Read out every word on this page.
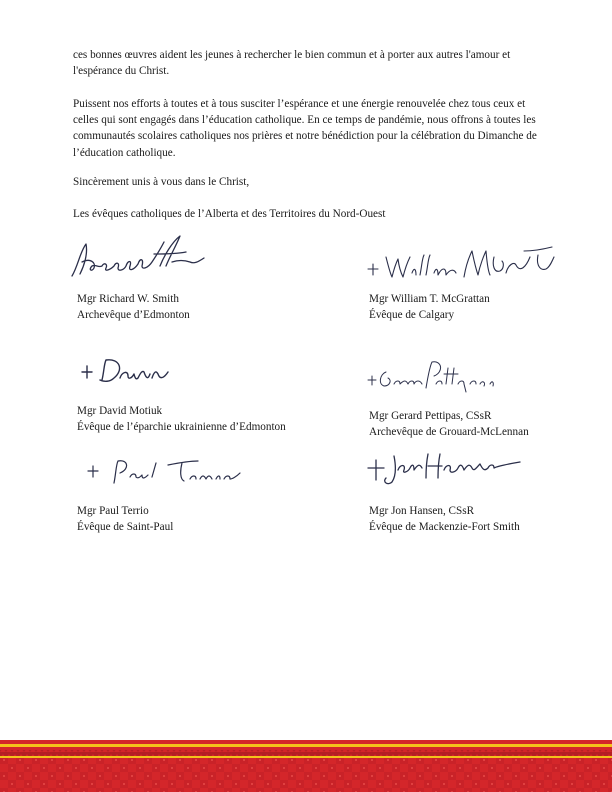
ces bonnes œuvres aident les jeunes à rechercher le bien commun et à porter aux autres l'amour et l'espérance du Christ.

Puissent nos efforts à toutes et à tous susciter l’espérance et une énergie renouvelée chez tous ceux et celles qui sont engagés dans l’éducation catholique. En ce temps de pandémie, nous offrons à toutes les communautés scolaires catholiques nos prières et notre bénédiction pour la célébration du Dimanche de l’éducation catholique.

Sincèrement unis à vous dans le Christ,

Les évêques catholiques de l’Alberta et des Territoires du Nord-Ouest

Mgr Richard W. Smith
Archevêque d’Edmonton
Mgr William T. McGrattan
Évêque de Calgary
Mgr David Motiuk
Évêque de l’éparchie ukrainienne d’Edmonton
Mgr Gerard Pettipas, CSsR
Archevêque de Grouard-McLennan
Mgr Paul Terrio
Évêque de Saint-Paul
Mgr Jon Hansen, CSsR
Évêque de Mackenzie-Fort Smith
